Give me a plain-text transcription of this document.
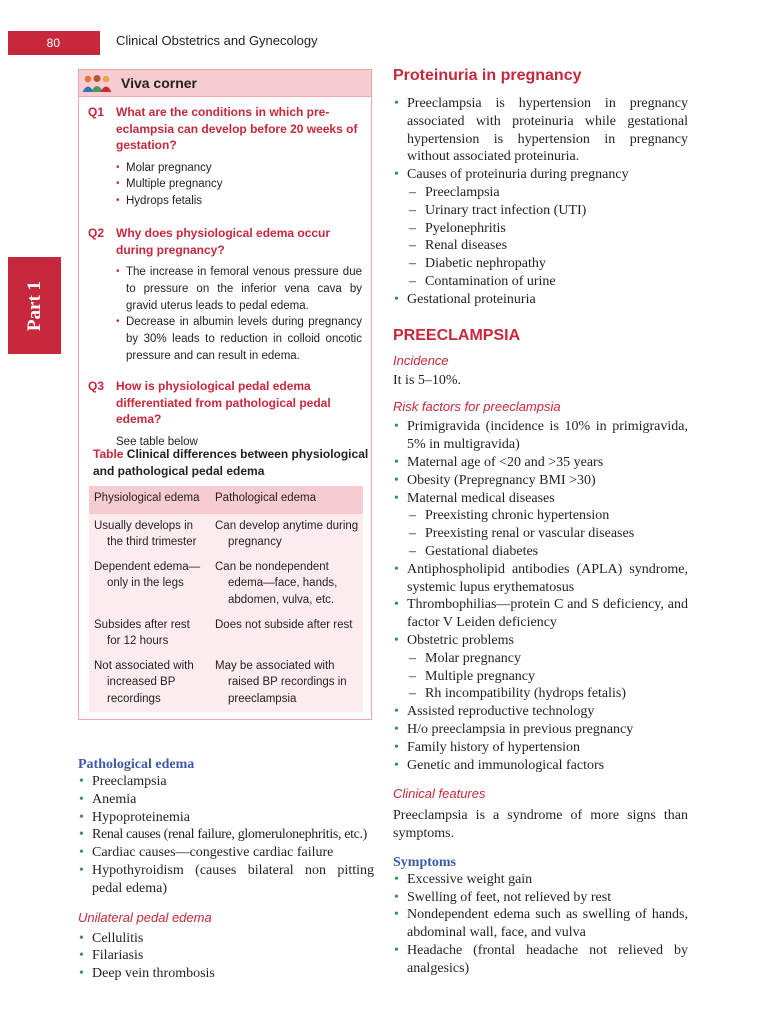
80	Clinical Obstetrics and Gynecology
Part 1
Viva corner
Q1 What are the conditions in which pre-eclampsia can develop before 20 weeks of gestation?
• Molar pregnancy
• Multiple pregnancy
• Hydrops fetalis
Q2 Why does physiological edema occur during pregnancy?
• The increase in femoral venous pressure due to pressure on the inferior vena cava by gravid uterus leads to pedal edema.
• Decrease in albumin levels during pregnancy by 30% leads to reduction in colloid oncotic pressure and can result in edema.
Q3 How is physiological pedal edema differentiated from pathological pedal edema?
See table below
Table Clinical differences between physiological and pathological pedal edema
Physiological edema	Pathological edema

Usually develops in the third trimester	Can develop anytime during pregnancy

Dependent edema—only in the legs	Can be nondependent edema—face, hands, abdomen, vulva, etc.

Subsides after rest for 12 hours	Does not subside after rest

Not associated with increased BP recordings	May be associated with raised BP recordings in preeclampsia
Pathological edema
• Preeclampsia
• Anemia
• Hypoproteinemia
• Renal causes (renal failure, glomerulonephritis, etc.)
• Cardiac causes—congestive cardiac failure
• Hypothyroidism (causes bilateral non pitting pedal edema)
Unilateral pedal edema
• Cellulitis
• Filariasis
• Deep vein thrombosis
Proteinuria in pregnancy
• Preeclampsia is hypertension in pregnancy associated with proteinuria while gestational hypertension is hypertension in pregnancy without associated proteinuria.
• Causes of proteinuria during pregnancy
– Preeclampsia
– Urinary tract infection (UTI)
– Pyelonephritis
– Renal diseases
– Diabetic nephropathy
– Contamination of urine
• Gestational proteinuria
PREECLAMPSIA
Incidence
It is 5–10%.
Risk factors for preeclampsia
• Primigravida (incidence is 10% in primigravida, 5% in multigravida)
• Maternal age of <20 and >35 years
• Obesity (Prepregnancy BMI >30)
• Maternal medical diseases
– Preexisting chronic hypertension
– Preexisting renal or vascular diseases
– Gestational diabetes
• Antiphospholipid antibodies (APLA) syndrome, systemic lupus erythematosus
• Thrombophilias—protein C and S deficiency, and factor V Leiden deficiency
• Obstetric problems
– Molar pregnancy
– Multiple pregnancy
– Rh incompatibility (hydrops fetalis)
• Assisted reproductive technology
• H/o preeclampsia in previous pregnancy
• Family history of hypertension
• Genetic and immunological factors
Clinical features
Preeclampsia is a syndrome of more signs than symptoms.
Symptoms
• Excessive weight gain
• Swelling of feet, not relieved by rest
• Nondependent edema such as swelling of hands, abdominal wall, face, and vulva
• Headache (frontal headache not relieved by analgesics)
